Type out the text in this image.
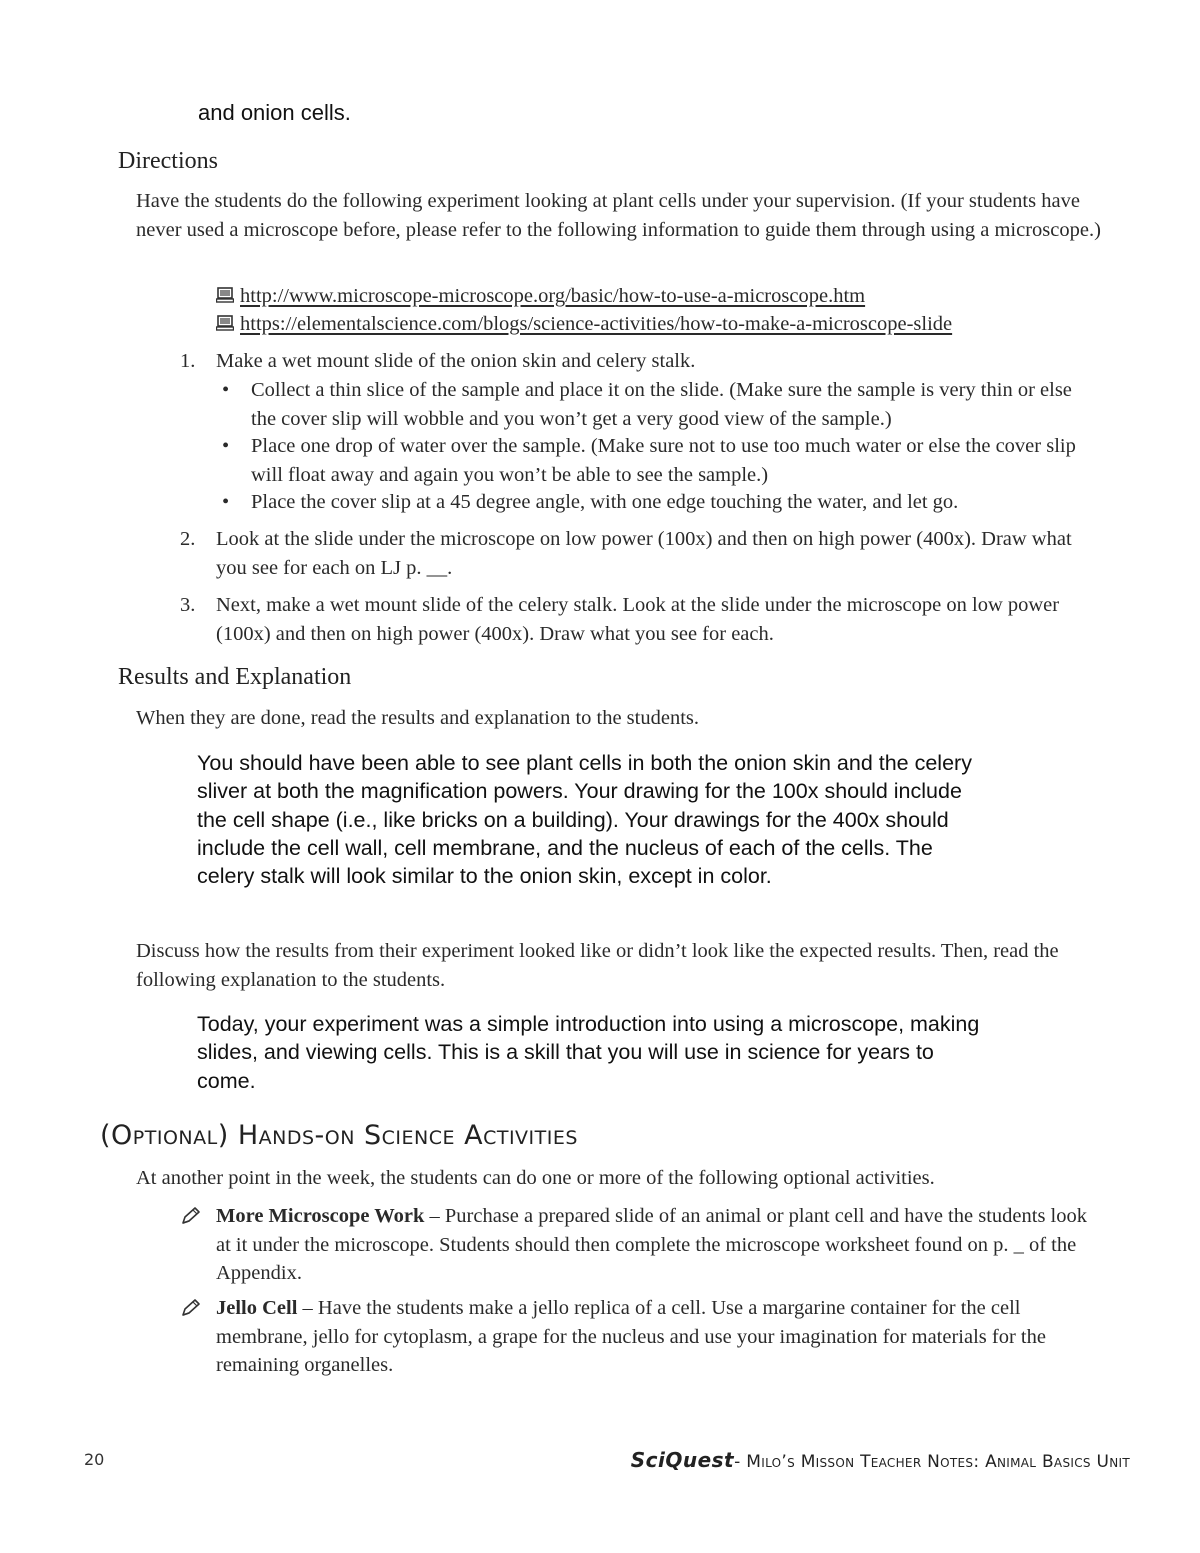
and onion cells.
Directions
Have the students do the following experiment looking at plant cells under your supervision. (If your students have never used a microscope before, please refer to the following information to guide them through using a microscope.)
http://www.microscope-microscope.org/basic/how-to-use-a-microscope.htm
https://elementalscience.com/blogs/science-activities/how-to-make-a-microscope-slide
1.	Make a wet mount slide of the onion skin and celery stalk.
• Collect a thin slice of the sample and place it on the slide. (Make sure the sample is very thin or else the cover slip will wobble and you won’t get a very good view of the sample.)
• Place one drop of water over the sample. (Make sure not to use too much water or else the cover slip will float away and again you won’t be able to see the sample.)
• Place the cover slip at a 45 degree angle, with one edge touching the water, and let go.
2.	Look at the slide under the microscope on low power (100x) and then on high power (400x). Draw what you see for each on LJ p. __.
3.	Next, make a wet mount slide of the celery stalk. Look at the slide under the microscope on low power (100x) and then on high power (400x). Draw what you see for each.
Results and Explanation
When they are done, read the results and explanation to the students.
You should have been able to see plant cells in both the onion skin and the celery sliver at both the magnification powers. Your drawing for the 100x should include the cell shape (i.e., like bricks on a building). Your drawings for the 400x should include the cell wall, cell membrane, and the nucleus of each of the cells. The celery stalk will look similar to the onion skin, except in color.
Discuss how the results from their experiment looked like or didn’t look like the expected results. Then, read the following explanation to the students.
Today, your experiment was a simple introduction into using a microscope, making slides, and viewing cells. This is a skill that you will use in science for years to come.
(Optional) Hands-on Science Activities
At another point in the week, the students can do one or more of the following optional activities.
More Microscope Work – Purchase a prepared slide of an animal or plant cell and have the students look at it under the microscope. Students should then complete the microscope worksheet found on p. _ of the Appendix.
Jello Cell – Have the students make a jello replica of a cell. Use a margarine container for the cell membrane, jello for cytoplasm, a grape for the nucleus and use your imagination for materials for the remaining organelles.
20	SciQuest- Milo’s Misson Teacher Notes: Animal Basics Unit
